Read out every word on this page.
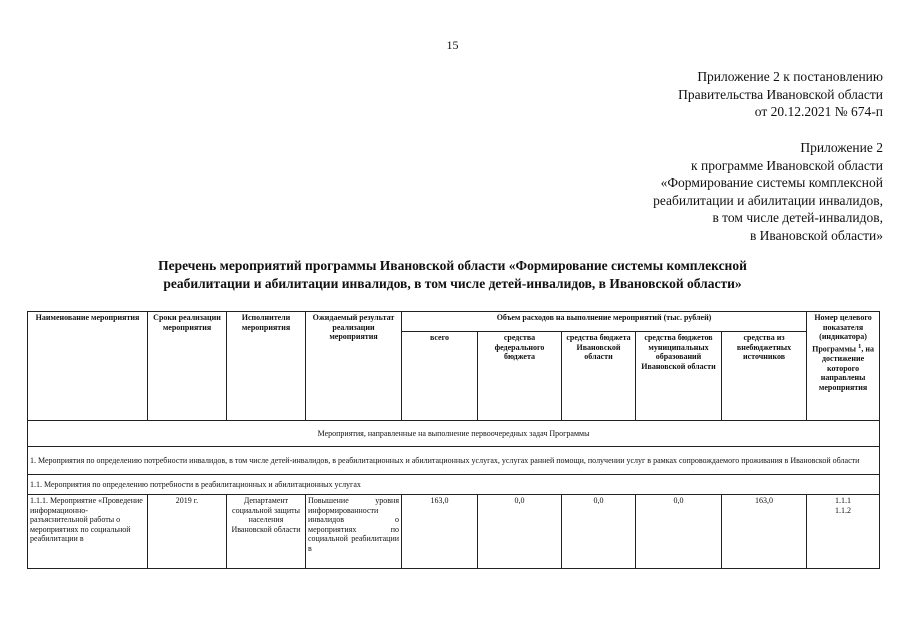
15
Приложение 2 к постановлению
Правительства Ивановской области
от 20.12.2021 № 674-п
Приложение 2
к программе Ивановской области
«Формирование системы комплексной
реабилитации и абилитации инвалидов,
в том числе детей-инвалидов,
в Ивановской области»
Перечень мероприятий программы Ивановской области «Формирование системы комплексной
реабилитации и абилитации инвалидов, в том числе детей-инвалидов, в Ивановской области»
Наименование мероприятия	Сроки реализации мероприятия	Исполнители мероприятия	Ожидаемый результат реализации мероприятия	Объем расходов на выполнение мероприятий (тыс. рублей)					Номер целевого показателя (индикатора) Программы $^1$, на достижение которого направлены мероприятия
				всего	средства федерального бюджета	средства бюджета Ивановской области	средства бюджетов муниципальных образований Ивановской области	средства из внебюджетных источников	
Мероприятия, направленные на выполнение первоочередных задач Программы									
1. Мероприятия по определению потребности инвалидов, в том числе детей-инвалидов, в реабилитационных и абилитационных услугах, услугах ранней помощи, получении услуг в рамках сопровождаемого проживания в Ивановской области									
1.1. Мероприятия по определению потребности в реабилитационных и абилитационных услугах									
1.1.1. Мероприятие «Проведение информационно-разъяснительной работы о мероприятиях по социальной реабилитации в	2019 г.	Департамент социальной защиты населения Ивановской области	Повышение уровня информированности инвалидов о мероприятиях по социальной реабилитации в	163,0	0,0	0,0	0,0	163,0	1.1.1
1.1.2
